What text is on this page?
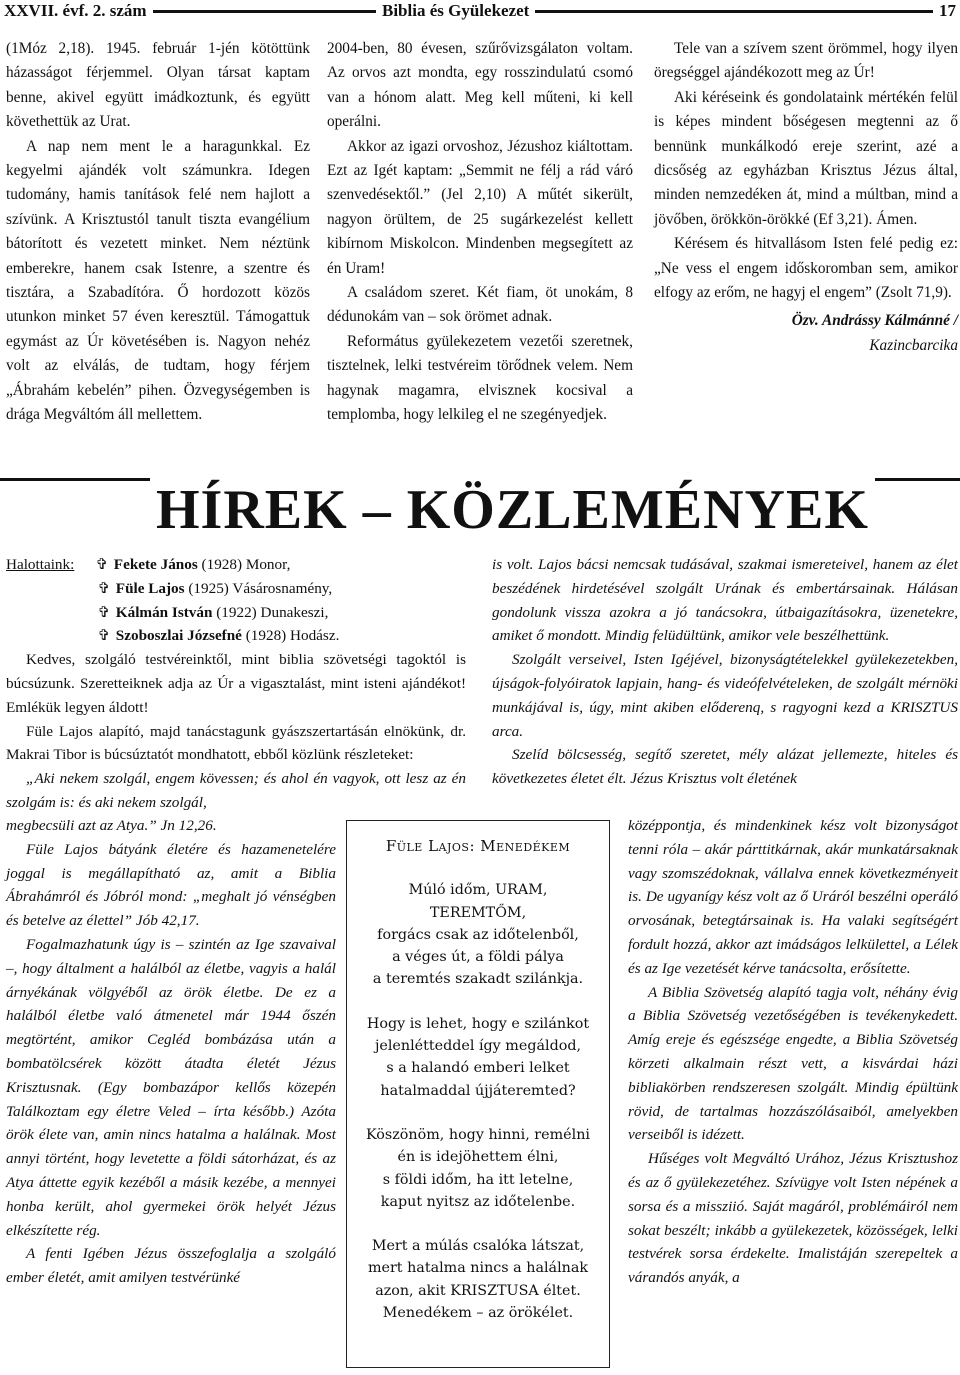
XXVII. évf. 2. szám	Biblia és Gyülekezet	17

(1Móz 2,18). 1945. február 1-jén kötöttünk házasságot férjemmel. Olyan társat kaptam benne, akivel együtt imádkoztunk, és együtt követhettük az Urat.

A nap nem ment le a haragunkkal. Ez kegyelmi ajándék volt számunkra. Idegen tudomány, hamis tanítások felé nem hajlott a szívünk. A Krisztustól tanult tiszta evangélium bátorított és vezetett minket. Nem néztünk emberekre, hanem csak Istenre, a szentre és tisztára, a Szabadítóra. Ő hordozott közös utunkon minket 57 éven keresztül. Támogattuk egymást az Úr követésében is. Nagyon nehéz volt az elválás, de tudtam, hogy férjem „Ábrahám kebelén” pihen. Özvegységemben is drága Megváltóm áll mellettem.

2004-ben, 80 évesen, szűrővizsgálaton voltam. Az orvos azt mondta, egy rosszindulatú csomó van a hónom alatt. Meg kell műteni, ki kell operálni.

Akkor az igazi orvoshoz, Jézushoz kiáltottam. Ezt az Igét kaptam: „Semmit ne félj a rád váró szenvedésektől.” (Jel 2,10) A műtét sikerült, nagyon örültem, de 25 sugárkezelést kellett kibírnom Miskolcon. Mindenben megsegített az én Uram!

A családom szeret. Két fiam, öt unokám, 8 dédunokám van – sok örömet adnak.

Református gyülekezetem vezetői szeretnek, tisztelnek, lelki testvéreim törődnek velem. Nem hagynak magamra, elvisznek kocsival a templomba, hogy lelkileg el ne szegényedjek.

Tele van a szívem szent örömmel, hogy ilyen öregséggel ajándékozott meg az Úr!

Aki kéréseink és gondolataink mértékén felül is képes mindent bőségesen megtenni az ő bennünk munkálkodó ereje szerint, azé a dicsőség az egyházban Krisztus Jézus által, minden nemzedéken át, mind a múltban, mind a jövőben, örökkön-örökké (Ef 3,21). Ámen.

Kérésem és hitvallásom Isten felé pedig ez: „Ne vess el engem időskoromban sem, amikor elfogy az erőm, ne hagyj el engem” (Zsolt 71,9).

Özv. Andrássy Kálmánné /

Kazincbarcika

HÍREK – KÖZLEMÉNYEK
Halottaink:	✞ Fekete János (1928) Monor,
✞ Füle Lajos (1925) Vásárosnamény,
✞ Kálmán István (1922) Dunakeszi,
✞ Szoboszlai Józsefné (1928) Hodász.

Kedves, szolgáló testvéreinktől, mint biblia szövetségi tagoktól is búcsúzunk. Szeretteiknek adja az Úr a vigasztalást, mint isteni ajándékot! Emlékük legyen áldott!

Füle Lajos alapító, majd tanácstagunk gyászszertartásán elnökünk, dr. Makrai Tibor is búcsúztatót mondhatott, ebből közlünk részleteket:

„Aki nekem szolgál, engem kövessen; és ahol én vagyok, ott lesz az én szolgám is: és aki nekem szolgál,

is volt. Lajos bácsi nemcsak tudásával, szakmai ismereteivel, hanem az élet beszédének hirdetésével szolgált Urának és embertársainak. Hálásan gondolunk vissza azokra a jó tanácsokra, útbaigazításokra, üzenetekre, amiket ő mondott. Mindig felüdültünk, amikor vele beszélhettünk.

Szolgált verseivel, Isten Igéjével, bizonyságtételekkel gyülekezetekben, újságok-folyóiratok lapjain, hang- és videófelvételeken, de szolgált mérnöki munkájával is, úgy, mint akiben előderenq, s ragyogni kezd a KRISZTUS arca.

Szelíd bölcsesség, segítő szeretet, mély alázat jellemezte, hiteles és következetes életet élt. Jézus Krisztus volt életének

megbecsüli azt az Atya.” Jn 12,26.

Füle Lajos bátyánk életére és hazamenetelére joggal is megállapítható az, amit a Biblia Ábrahámról és Jóbról mond: „meghalt jó vénségben és betelve az élettel” Jób 42,17.

Fogalmazhatunk úgy is – szintén az Ige szavaival –, hogy általment a halálból az életbe, vagyis a halál árnyékának völgyéből az örök életbe. De ez a halálból életbe való átmenetel már 1944 őszén megtörtént, amikor Cegléd bombázása után a bombatölcsérek között átadta életét Jézus Krisztusnak. (Egy bombazápor kellős közepén Találkoztam egy életre Veled – írta később.) Azóta örök élete van, amin nincs hatalma a halálnak. Most annyi történt, hogy levetette a földi sátorházat, és az Atya áttette egyik kezéből a másik kezébe, a mennyei honba került, ahol gyermekei örök helyét Jézus elkészítette rég.

A fenti Igében Jézus összefoglalja a szolgáló ember életét, amit amilyen testvérünké

középpontja, és mindenkinek kész volt bizonyságot tenni róla – akár párttitkárnak, akár munkatársaknak vagy szomszédoknak, vállalva ennek következményeit is. De ugyanígy kész volt az ő Uráról beszélni operáló orvosának, betegtársainak is. Ha valaki segítségért fordult hozzá, akkor azt imádságos lelkülettel, a Lélek és az Ige vezetését kérve tanácsolta, erősítette.

A Biblia Szövetség alapító tagja volt, néhány évig a Biblia Szövetség vezetőségében is tevékenykedett. Amíg ereje és egészsége engedte, a Biblia Szövetség körzeti alkalmain részt vett, a kisvárdai házi bibliakörben rendszeresen szolgált. Mindig épültünk rövid, de tartalmas hozzászólásaiból, amelyekben verseiből is idézett.

Hűséges volt Megváltó Urához, Jézus Krisztushoz és az ő gyülekezetéhez. Szívügye volt Isten népének a sorsa és a missziió. Saját magáról, problémáiról nem sokat beszélt; inkább a gyülekezetek, közösségek, lelki testvérek sorsa érdekelte. Imalistáján szerepeltek a várandós anyák, a

Füle Lajos: Menedékem
Múló időm, URAM,
TEREMTŐM,
forgács csak az időtelenből,
a véges út, a földi pálya
a teremtés szakadt szilánkja.
Hogy is lehet, hogy e szilánkot
jelenlétteddel így megáldod,
s a halandó emberi lelket
hatalmaddal újjáteremted?
Köszönöm, hogy hinni, remélni
én is idejöhettem élni,
s földi időm, ha itt letelne,
kaput nyitsz az időtelenbe.
Mert a múlás csalóka látszat,
mert hatalma nincs a halálnak
azon, akit KRISZTUSA éltet.
Menedékem – az örökélet.
